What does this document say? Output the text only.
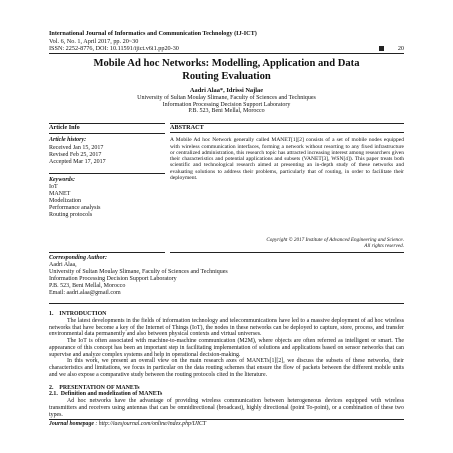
International Journal of Informatics and Communication Technology (IJ-ICT)
Vol. 6, No. 1, April 2017, pp. 20~30
ISSN: 2252-8776, DOI: 10.11591/ijict.v6i1.pp20-30	20
Mobile Ad hoc Networks: Modelling, Application and Data
Routing Evaluation
Aadri Alaa*, Idrissi Najlae
University of Sultan Moulay Slimane, Faculty of Sciences and Techniques
Information Processing Decision Support Laboratory
P.B. 523, Beni Mellal, Morocco
Article Info
Article history:
Received Jan 15, 2017
Revised Feb 25, 2017
Accepted Mar 17, 2017
Keywords:
IoT
MANET
Modelization
Performance analysis
Routing protocols
ABSTRACT
A Mobile Ad hoc Network generally called MANET[1][2] consists of a set of mobile nodes equipped with wireless communication interfaces, forming a network without resorting to any fixed infrastructure or centralized administration, this research topic has attracted increasing interest among researchers given their characteristics and potential applications and subsets (VANET[3], WSN[4]). This paper treats both scientific and technological research aimed at presenting an in-depth study of these networks and evaluating solutions to address their problems, particularly that of routing, in order to facilitate their deployment.
Copyright © 2017 Institute of Advanced Engineering and Science.
All rights reserved.
Corresponding Author:
Aadri Alaa,
University of Sultan Moulay Slimane, Faculty of Sciences and Techniques
Information Processing Decision Support Laboratory
P.B. 523, Beni Mellal, Morocco
Email: aadri.alaa@gmail.com
1.    INTRODUCTION

The latest developments in the fields of information technology and telecommunications have led to a massive deployment of ad hoc wireless networks that have become a key of the Internet of Things (IoT), the nodes in these networks can be deployed to capture, store, process, and transfer environmental data permanently and also between physical contexts and virtual universes.

The IoT is often associated with machine-to-machine communication (M2M), where objects are often referred as intelligent or smart. The appearance of this concept has been an important step in facilitating implementation of solutions and applications based on sensor networks that can supervise and analyze complex systems and help in operational decision-making.

In this work, we present an overall view on the main research axes of MANETs[1][2], we discuss the subsets of these networks, their characteristics and limitations, we focus in particular on the data routing schemes that ensure the flow of packets between the different mobile units and we also expose a comparative study between the routing protocols cited in the literature.

2.    PRESENTATION OF MANETs
2.1.  Definition and modelization of MANETs

Ad hoc networks have the advantage of providing wireless communication between heterogeneous devices equipped with wireless transmitters and receivers using antennas that can be omnidirectional (broadcast), highly directional (point To-point), or a combination of these two types.

Journal homepage : http://iaesjournal.com/online/index.php/IJICT
